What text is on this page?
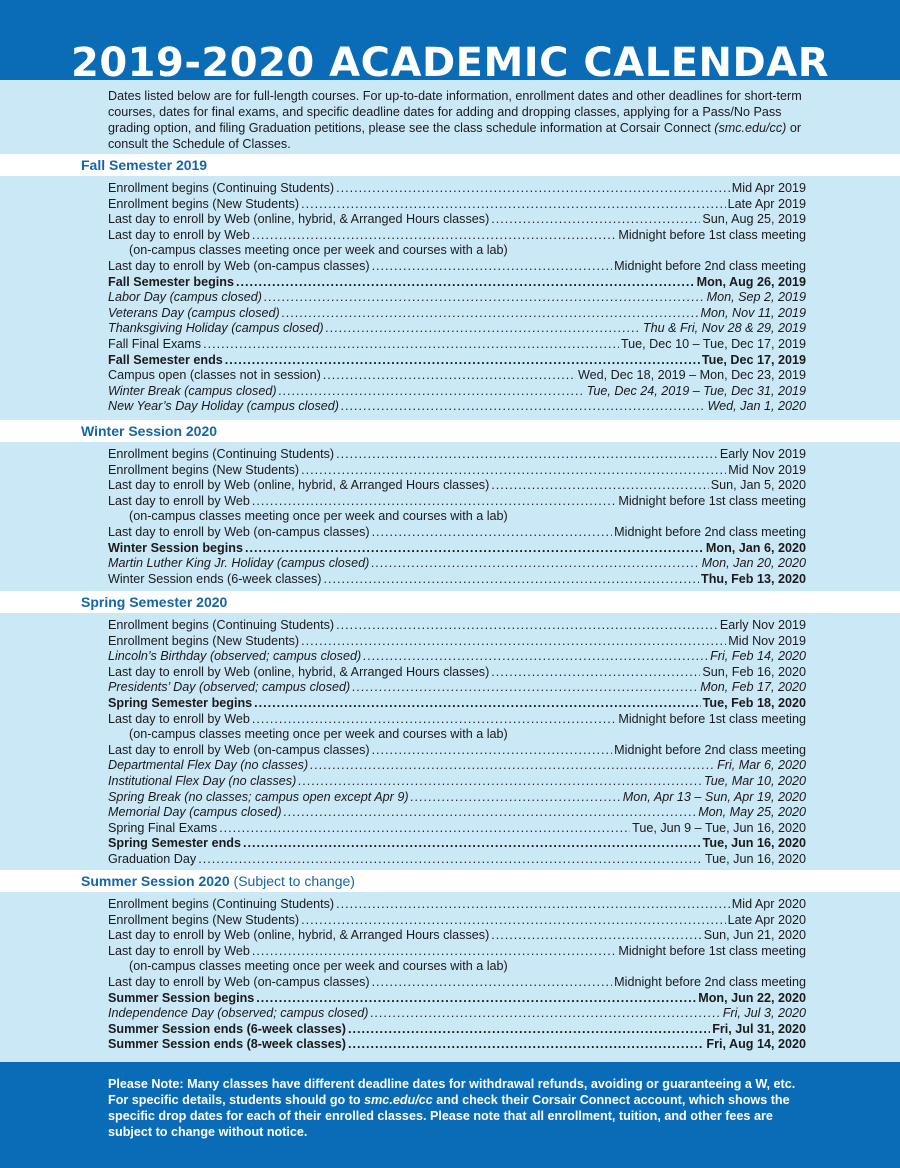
2019-2020 ACADEMIC CALENDAR
Dates listed below are for full-length courses. For up-to-date information, enrollment dates and other deadlines for short-term courses, dates for final exams, and specific deadline dates for adding and dropping classes, applying for a Pass/No Pass grading option, and filing Graduation petitions, please see the class schedule information at Corsair Connect (smc.edu/cc) or consult the Schedule of Classes.
Fall Semester 2019
Enrollment begins (Continuing Students) .....	Mid Apr 2019
Enrollment begins (New Students) .....	Late Apr 2019
Last day to enroll by Web (online, hybrid, & Arranged Hours classes) .....	Sun, Aug 25, 2019
Last day to enroll by Web .....	Midnight before 1st class meeting
(on-campus classes meeting once per week and courses with a lab)
Last day to enroll by Web (on-campus classes) .....	Midnight before 2nd class meeting
Fall Semester begins .....	Mon, Aug 26, 2019
Labor Day (campus closed) .....	Mon, Sep 2, 2019
Veterans Day (campus closed) .....	Mon, Nov 11, 2019
Thanksgiving Holiday (campus closed) .....	Thu & Fri, Nov 28 & 29, 2019
Fall Final Exams .....	Tue, Dec 10 – Tue, Dec 17, 2019
Fall Semester ends .....	Tue, Dec 17, 2019
Campus open (classes not in session) .....	Wed, Dec 18, 2019 – Mon, Dec 23, 2019
Winter Break (campus closed) .....	Tue, Dec 24, 2019 – Tue, Dec 31, 2019
New Year’s Day Holiday (campus closed) .....	Wed, Jan 1, 2020
Winter Session 2020
Enrollment begins (Continuing Students) .....	Early Nov 2019
Enrollment begins (New Students) .....	Mid Nov 2019
Last day to enroll by Web (online, hybrid, & Arranged Hours classes) .....	Sun, Jan 5, 2020
Last day to enroll by Web .....	Midnight before 1st class meeting
(on-campus classes meeting once per week and courses with a lab)
Last day to enroll by Web (on-campus classes) .....	Midnight before 2nd class meeting
Winter Session begins .....	Mon, Jan 6, 2020
Martin Luther King Jr. Holiday (campus closed) .....	Mon, Jan 20, 2020
Winter Session ends (6-week classes) .....	Thu, Feb 13, 2020
Spring Semester 2020
Enrollment begins (Continuing Students) .....	Early Nov 2019
Enrollment begins (New Students) .....	Mid Nov 2019
Lincoln’s Birthday (observed; campus closed) .....	Fri, Feb 14, 2020
Last day to enroll by Web (online, hybrid, & Arranged Hours classes) .....	Sun, Feb 16, 2020
Presidents’ Day (observed; campus closed) .....	Mon, Feb 17, 2020
Spring Semester begins .....	Tue, Feb 18, 2020
Last day to enroll by Web .....	Midnight before 1st class meeting
(on-campus classes meeting once per week and courses with a lab)
Last day to enroll by Web (on-campus classes) .....	Midnight before 2nd class meeting
Departmental Flex Day (no classes) .....	Fri, Mar 6, 2020
Institutional Flex Day (no classes) .....	Tue, Mar 10, 2020
Spring Break (no classes; campus open except Apr 9) .....	Mon, Apr 13 – Sun, Apr 19, 2020
Memorial Day (campus closed) .....	Mon, May 25, 2020
Spring Final Exams .....	Tue, Jun 9 – Tue, Jun 16, 2020
Spring Semester ends .....	Tue, Jun 16, 2020
Graduation Day .....	Tue, Jun 16, 2020
Summer Session 2020 (Subject to change)
Enrollment begins (Continuing Students) .....	Mid Apr 2020
Enrollment begins (New Students) .....	Late Apr 2020
Last day to enroll by Web (online, hybrid, & Arranged Hours classes) .....	Sun, Jun 21, 2020
Last day to enroll by Web .....	Midnight before 1st class meeting
(on-campus classes meeting once per week and courses with a lab)
Last day to enroll by Web (on-campus classes) .....	Midnight before 2nd class meeting
Summer Session begins .....	Mon, Jun 22, 2020
Independence Day (observed; campus closed) .....	Fri, Jul 3, 2020
Summer Session ends (6-week classes) .....	Fri, Jul 31, 2020
Summer Session ends (8-week classes) .....	Fri, Aug 14, 2020
Please Note: Many classes have different deadline dates for withdrawal refunds, avoiding or guaranteeing a W, etc. For specific details, students should go to smc.edu/cc and check their Corsair Connect account, which shows the specific drop dates for each of their enrolled classes. Please note that all enrollment, tuition, and other fees are subject to change without notice.
